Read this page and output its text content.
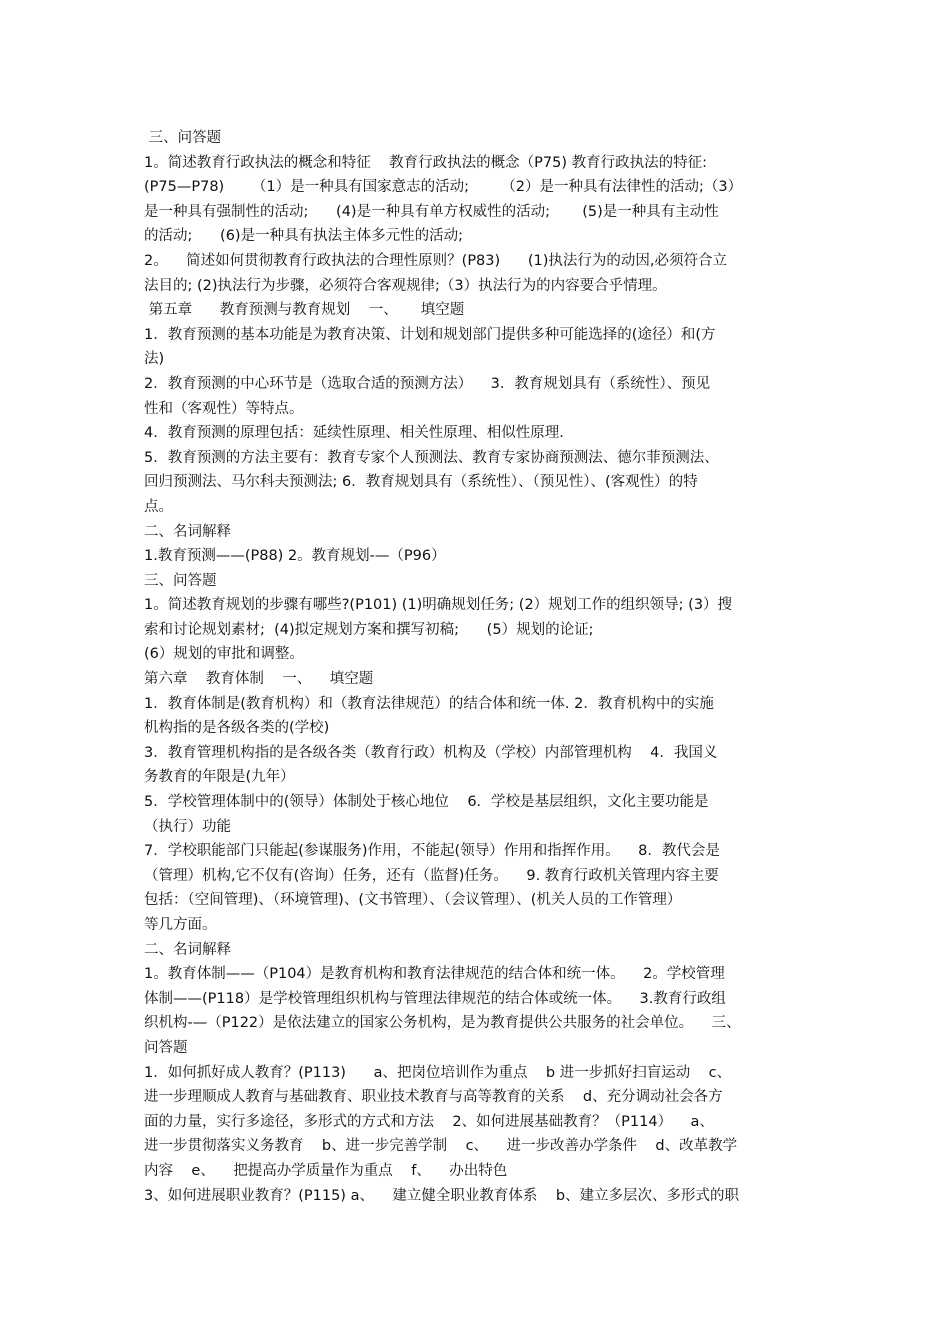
三、问答题
1。简述教育行政执法的概念和特征    教育行政执法的概念（P75) 教育行政执法的特征:
(P75—P78)      （1）是一种具有国家意志的活动;       （2）是一种具有法律性的活动;（3）
是一种具有强制性的活动;      (4)是一种具有单方权威性的活动;       (5)是一种具有主动性
的活动;      (6)是一种具有执法主体多元性的活动;
2。    简述如何贯彻教育行政执法的合理性原则？(P83)      (1)执法行为的动因,必须符合立
法目的; (2)执法行为步骤，必须符合客观规律;（3）执法行为的内容要合乎情理。
第五章      教育预测与教育规划    一、     填空题
1．教育预测的基本功能是为教育决策、计划和规划部门提供多种可能选择的(途径）和(方
法)
2．教育预测的中心环节是（选取合适的预测方法）    3．教育规划具有（系统性）、预见
性和（客观性）等特点。
4．教育预测的原理包括：延续性原理、相关性原理、相似性原理.
5．教育预测的方法主要有：教育专家个人预测法、教育专家协商预测法、德尔菲预测法、
回归预测法、马尔科夫预测法; 6．教育规划具有（系统性）、（预见性）、(客观性）的特
点。
二、名词解释
1.教育预测——(P88) 2。教育规划-—（P96）
三、问答题
1。简述教育规划的步骤有哪些?(P101) (1)明确规划任务; (2）规划工作的组织领导; (3）搜
索和讨论规划素材;  (4)拟定规划方案和撰写初稿;      (5）规划的论证;
(6）规划的审批和调整。
第六章    教育体制    一、    填空题
1．教育体制是(教育机构）和（教育法律规范）的结合体和统一体. 2．教育机构中的实施
机构指的是各级各类的(学校)
3．教育管理机构指的是各级各类（教育行政）机构及（学校）内部管理机构    4．我国义
务教育的年限是(九年）
5．学校管理体制中的(领导）体制处于核心地位    6．学校是基层组织，文化主要功能是
（执行）功能
7．学校职能部门只能起(参谋服务)作用，不能起(领导）作用和指挥作用。    8．教代会是
（管理）机构,它不仅有(咨询）任务，还有（监督)任务。    9. 教育行政机关管理内容主要
包括：（空间管理)、（环境管理)、(文书管理）、（会议管理）、(机关人员的工作管理）
等几方面。
二、名词解释
1。教育体制——（P104）是教育机构和教育法律规范的结合体和统一体。    2。学校管理
体制——(P118）是学校管理组织机构与管理法律规范的结合体或统一体。    3.教育行政组
织机构-—（P122）是依法建立的国家公务机构，是为教育提供公共服务的社会单位。    三、
问答题
1．如何抓好成人教育？(P113)      a、把岗位培训作为重点    b 进一步抓好扫盲运动    c、
进一步理顺成人教育与基础教育、职业技术教育与高等教育的关系    d、充分调动社会各方
面的力量，实行多途径，多形式的方式和方法    2、如何进展基础教育？（P114）    a、
进一步贯彻落实义务教育    b、进一步完善学制    c、    进一步改善办学条件    d、改革教学
内容    e、    把提高办学质量作为重点    f、    办出特色
3、如何进展职业教育？(P115) a、    建立健全职业教育体系    b、建立多层次、多形式的职
